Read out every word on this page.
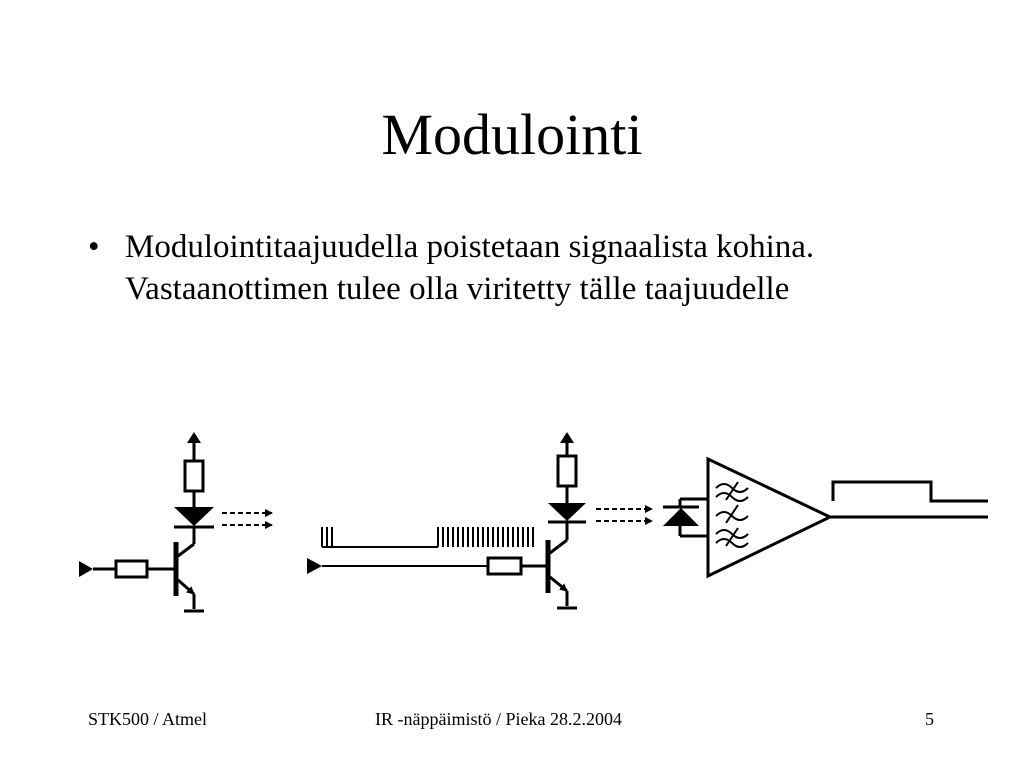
Modulointi
• Modulointitaajuudella poistetaan signaalista kohina. Vastaanottimen tulee olla viritetty tälle taajuudelle
STK500 / Atmel	IR -näppäimistö / Pieka 28.2.2004	5
